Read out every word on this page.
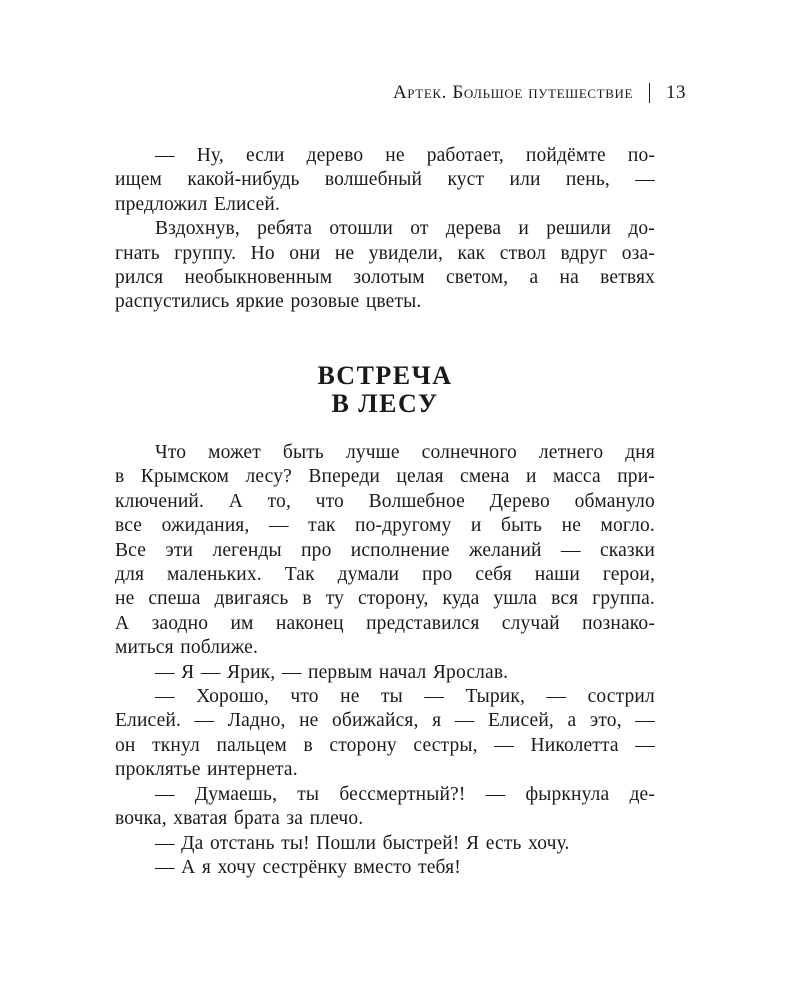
Артек. Большое путешествие 13
— Ну, если дерево не работает, пойдёмте по-
ищем какой-нибудь волшебный куст или пень, —
предложил Елисей.
Вздохнув, ребята отошли от дерева и решили до-
гнать группу. Но они не увидели, как ствол вдруг оза-
рился необыкновенным золотым светом, а на ветвях
распустились яркие розовые цветы.
ВСТРЕЧА
В ЛЕСУ
Что может быть лучше солнечного летнего дня
в Крымском лесу? Впереди целая смена и масса при-
ключений. А то, что Волшебное Дерево обмануло
все ожидания, — так по-другому и быть не могло.
Все эти легенды про исполнение желаний — сказки
для маленьких. Так думали про себя наши герои,
не спеша двигаясь в ту сторону, куда ушла вся группа.
А заодно им наконец представился случай познако-
миться поближе.
— Я — Ярик, — первым начал Ярослав.
— Хорошо, что не ты — Тырик, — сострил
Елисей. — Ладно, не обижайся, я — Елисей, а это, —
он ткнул пальцем в сторону сестры, — Николетта —
проклятье интернета.
— Думаешь, ты бессмертный?! — фыркнула де-
вочка, хватая брата за плечо.
— Да отстань ты! Пошли быстрей! Я есть хочу.
— А я хочу сестрёнку вместо тебя!
